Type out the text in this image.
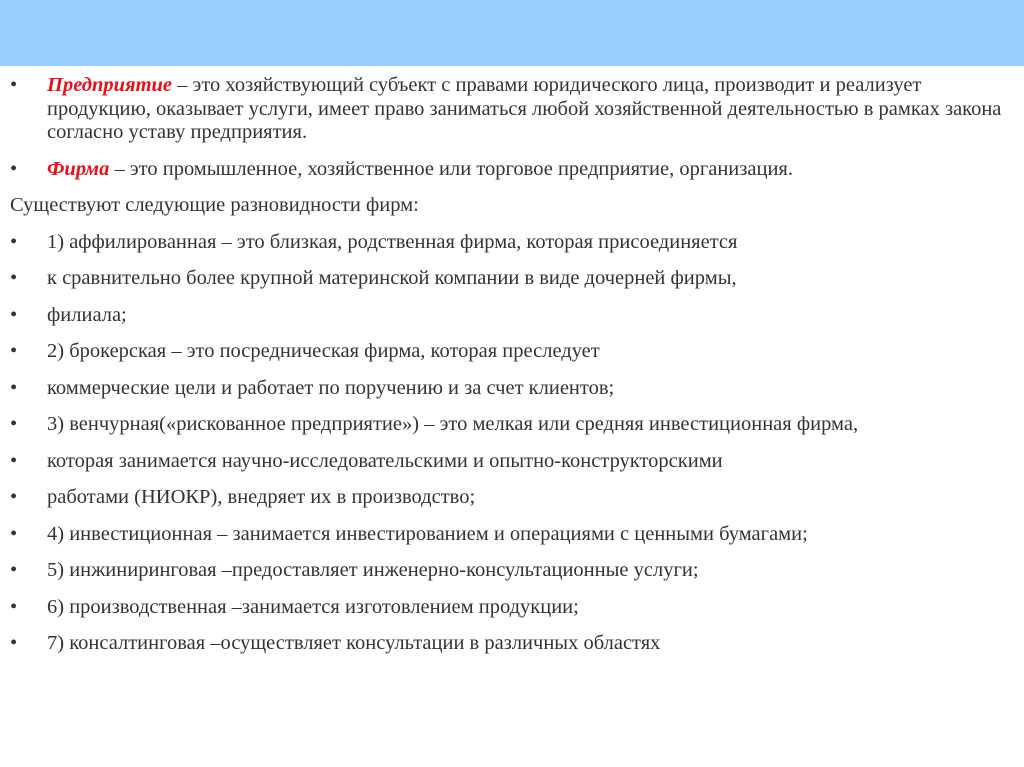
•	Предприятие – это хозяйствующий субъект с правами юридического лица, производит и реализует продукцию, оказывает услуги, имеет право заниматься любой хозяйственной деятельностью в рамках закона согласно уставу предприятия.
•	Фирма – это промышленное, хозяйственное или торговое предприятие, организация.
Существуют следующие разновидности фирм:
•	1) аффилированная – это близкая, родственная фирма, которая присоединяется
•	к сравнительно более крупной материнской компании в виде дочерней фирмы,
•	филиала;
•	2) брокерская – это посредническая фирма, которая преследует
•	коммерческие цели и работает по поручению и за счет клиентов;
•	3) венчурная(«рискованное предприятие») – это мелкая или средняя инвестиционная фирма,
•	которая занимается научно-исследовательскими и опытно-конструкторскими
•	работами (НИОКР), внедряет их в производство;
•	4) инвестиционная – занимается инвестированием и операциями с ценными бумагами;
•	5) инжиниринговая –предоставляет инженерно-консультационные услуги;
•	6) производственная –занимается изготовлением продукции;
•	7) консалтинговая –осуществляет консультации в различных областях
